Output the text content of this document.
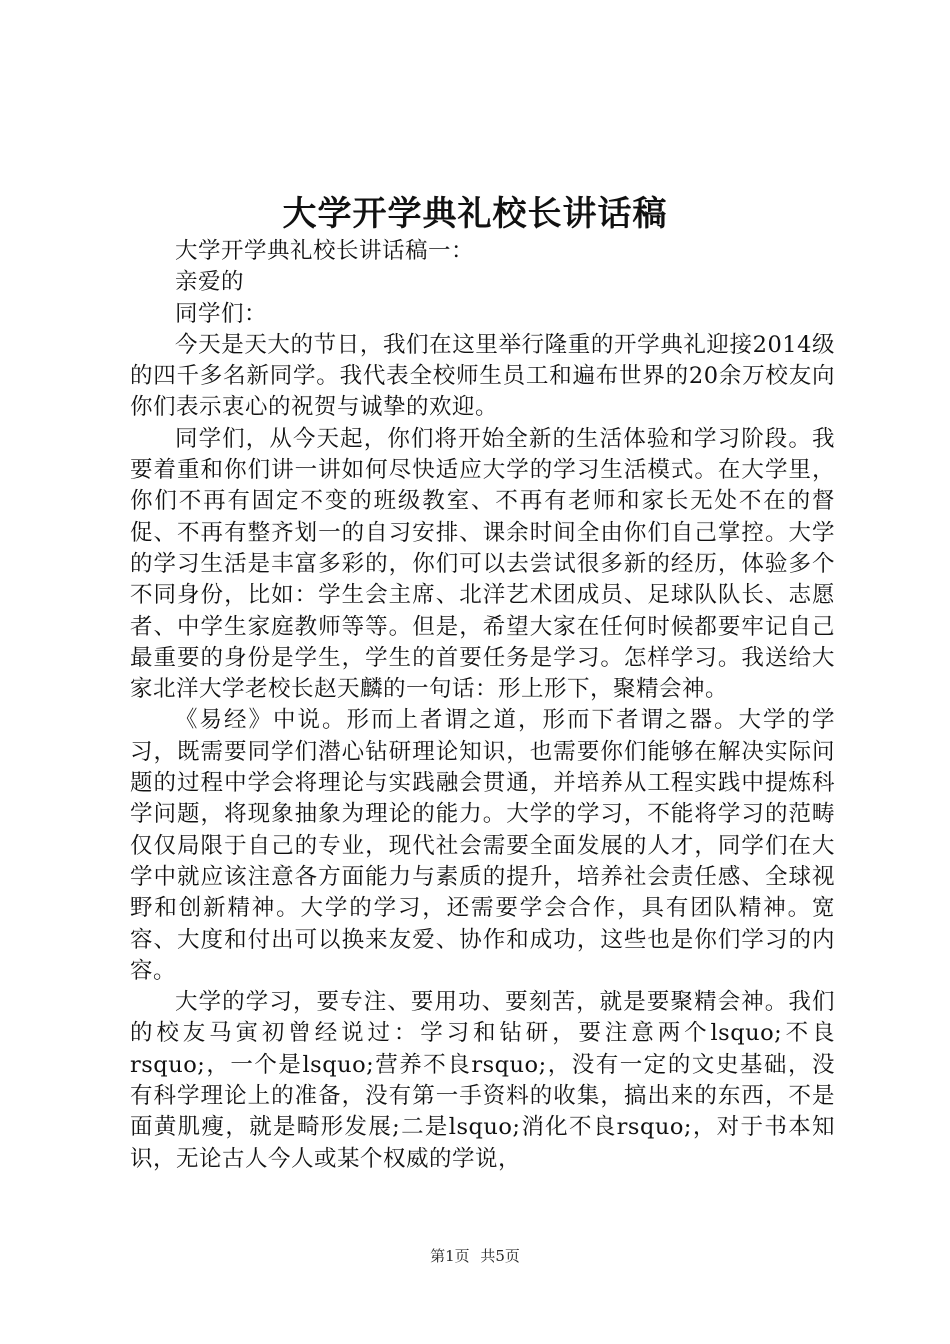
大学开学典礼校长讲话稿

大学开学典礼校长讲话稿一：

亲爱的

同学们：

今天是天大的节日，我们在这里举行隆重的开学典礼迎接2014级的四千多名新同学。我代表全校师生员工和遍布世界的20余万校友向你们表示衷心的祝贺与诚挚的欢迎。

同学们，从今天起，你们将开始全新的生活体验和学习阶段。我要着重和你们讲一讲如何尽快适应大学的学习生活模式。在大学里，你们不再有固定不变的班级教室、不再有老师和家长无处不在的督促、不再有整齐划一的自习安排、课余时间全由你们自己掌控。大学的学习生活是丰富多彩的，你们可以去尝试很多新的经历，体验多个不同身份，比如：学生会主席、北洋艺术团成员、足球队队长、志愿者、中学生家庭教师等等。但是，希望大家在任何时候都要牢记自己最重要的身份是学生，学生的首要任务是学习。怎样学习。我送给大家北洋大学老校长赵天麟的一句话：形上形下，聚精会神。

《易经》中说。形而上者谓之道，形而下者谓之器。大学的学习，既需要同学们潜心钻研理论知识，也需要你们能够在解决实际问题的过程中学会将理论与实践融会贯通，并培养从工程实践中提炼科学问题，将现象抽象为理论的能力。大学的学习，不能将学习的范畴仅仅局限于自己的专业，现代社会需要全面发展的人才，同学们在大学中就应该注意各方面能力与素质的提升，培养社会责任感、全球视野和创新精神。大学的学习，还需要学会合作，具有团队精神。宽容、大度和付出可以换来友爱、协作和成功，这些也是你们学习的内容。

大学的学习，要专注、要用功、要刻苦，就是要聚精会神。我们的校友马寅初曾经说过：学习和钻研，要注意两个lsquo;不良rsquo;，一个是lsquo;营养不良rsquo;，没有一定的文史基础，没有科学理论上的准备，没有第一手资料的收集，搞出来的东西，不是面黄肌瘦，就是畸形发展;二是lsquo;消化不良rsquo;，对于书本知识，无论古人今人或某个权威的学说，

第1页 共5页
